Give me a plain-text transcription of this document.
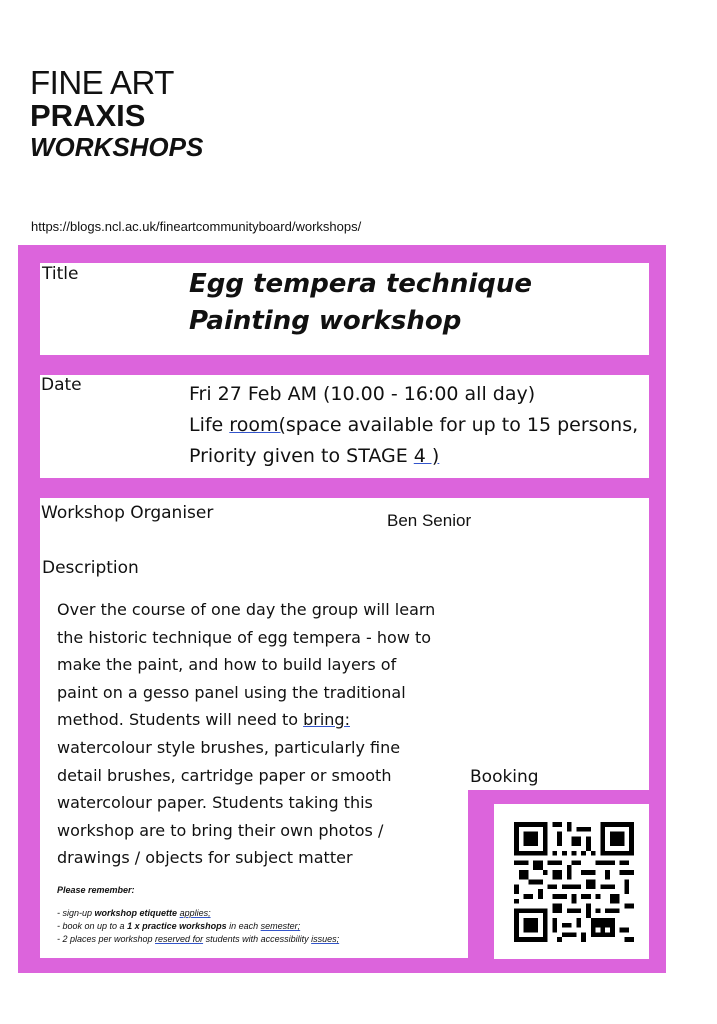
FINE ART
PRAXIS
WORKSHOPS
https://blogs.ncl.ac.uk/fineartcommunityboard/workshops/
Title	Egg tempera technique
Painting workshop
Date	Fri 27 Feb AM (10.00 - 16:00 all day)
Life room(space available for up to 15 persons,
Priority given to STAGE 4 )
Workshop Organiser	Ben Senior
Description
Over the course of one day the group will learn
the historic technique of egg tempera - how to
make the paint, and how to build layers of
paint on a gesso panel using the traditional
method. Students will need to bring:
watercolour style brushes, particularly fine
detail brushes, cartridge paper or smooth
watercolour paper. Students taking this
workshop are to bring their own photos /
drawings / objects for subject matter
Please remember:
- sign-up workshop etiquette applies;
- book on up to a 1 x practice workshops in each semester;
- 2 places per workshop reserved for students with accessibility issues;
Booking
